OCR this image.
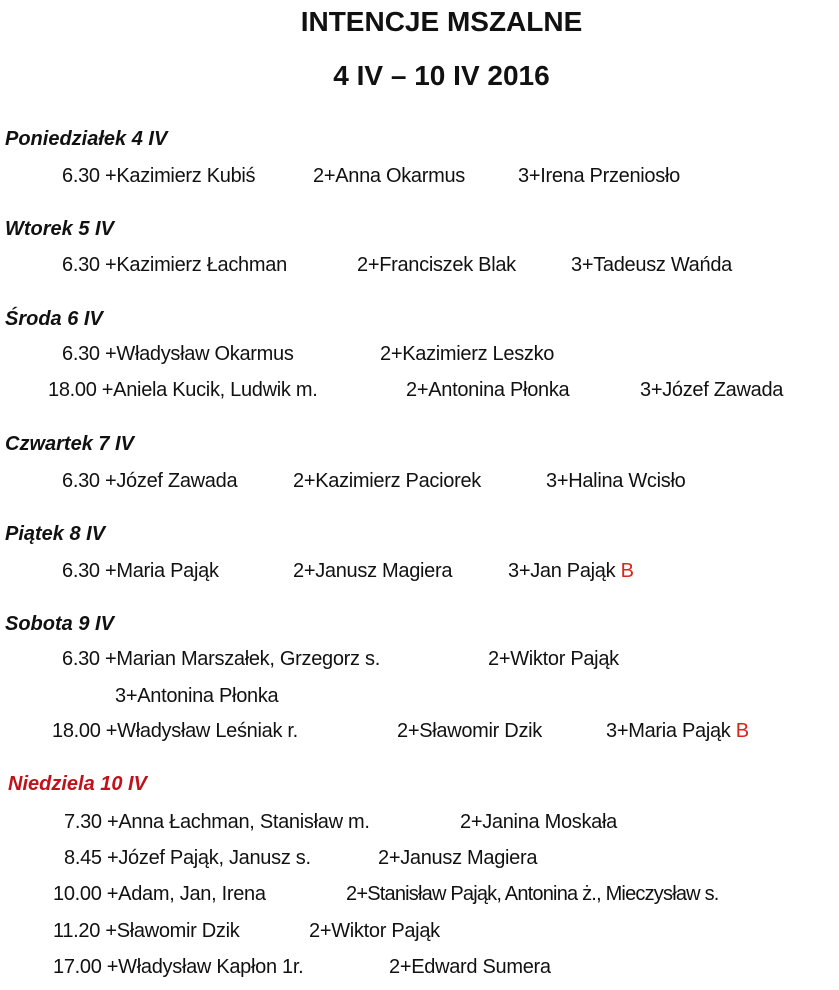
INTENCJE MSZALNE
4 IV – 10 IV 2016
Poniedziałek 4 IV
6.30 +Kazimierz Kubiś	2+Anna Okarmus	3+Irena Przeniosło
Wtorek 5 IV
6.30 +Kazimierz Łachman	2+Franciszek Blak	3+Tadeusz Wańda
Środa 6 IV
6.30 +Władysław Okarmus	2+Kazimierz Leszko
18.00 +Aniela Kucik, Ludwik m.	2+Antonina Płonka	3+Józef Zawada
Czwartek 7 IV
6.30 +Józef Zawada	2+Kazimierz Paciorek	3+Halina Wcisło
Piątek 8 IV
6.30 +Maria Pająk	2+Janusz Magiera	3+Jan Pająk B
Sobota 9 IV
6.30 +Marian Marszałek, Grzegorz s.	2+Wiktor Pająk
3+Antonina Płonka
18.00 +Władysław Leśniak r.	2+Sławomir Dzik	3+Maria Pająk B
Niedziela 10 IV
7.30 +Anna Łachman, Stanisław m.	2+Janina Moskała
8.45 +Józef Pająk, Janusz s.	2+Janusz Magiera
10.00 +Adam, Jan, Irena	2+Stanisław Pająk, Antonina ż., Mieczysław s.
11.20 +Sławomir Dzik	2+Wiktor Pająk
17.00 +Władysław Kapłon 1r.	2+Edward Sumera
